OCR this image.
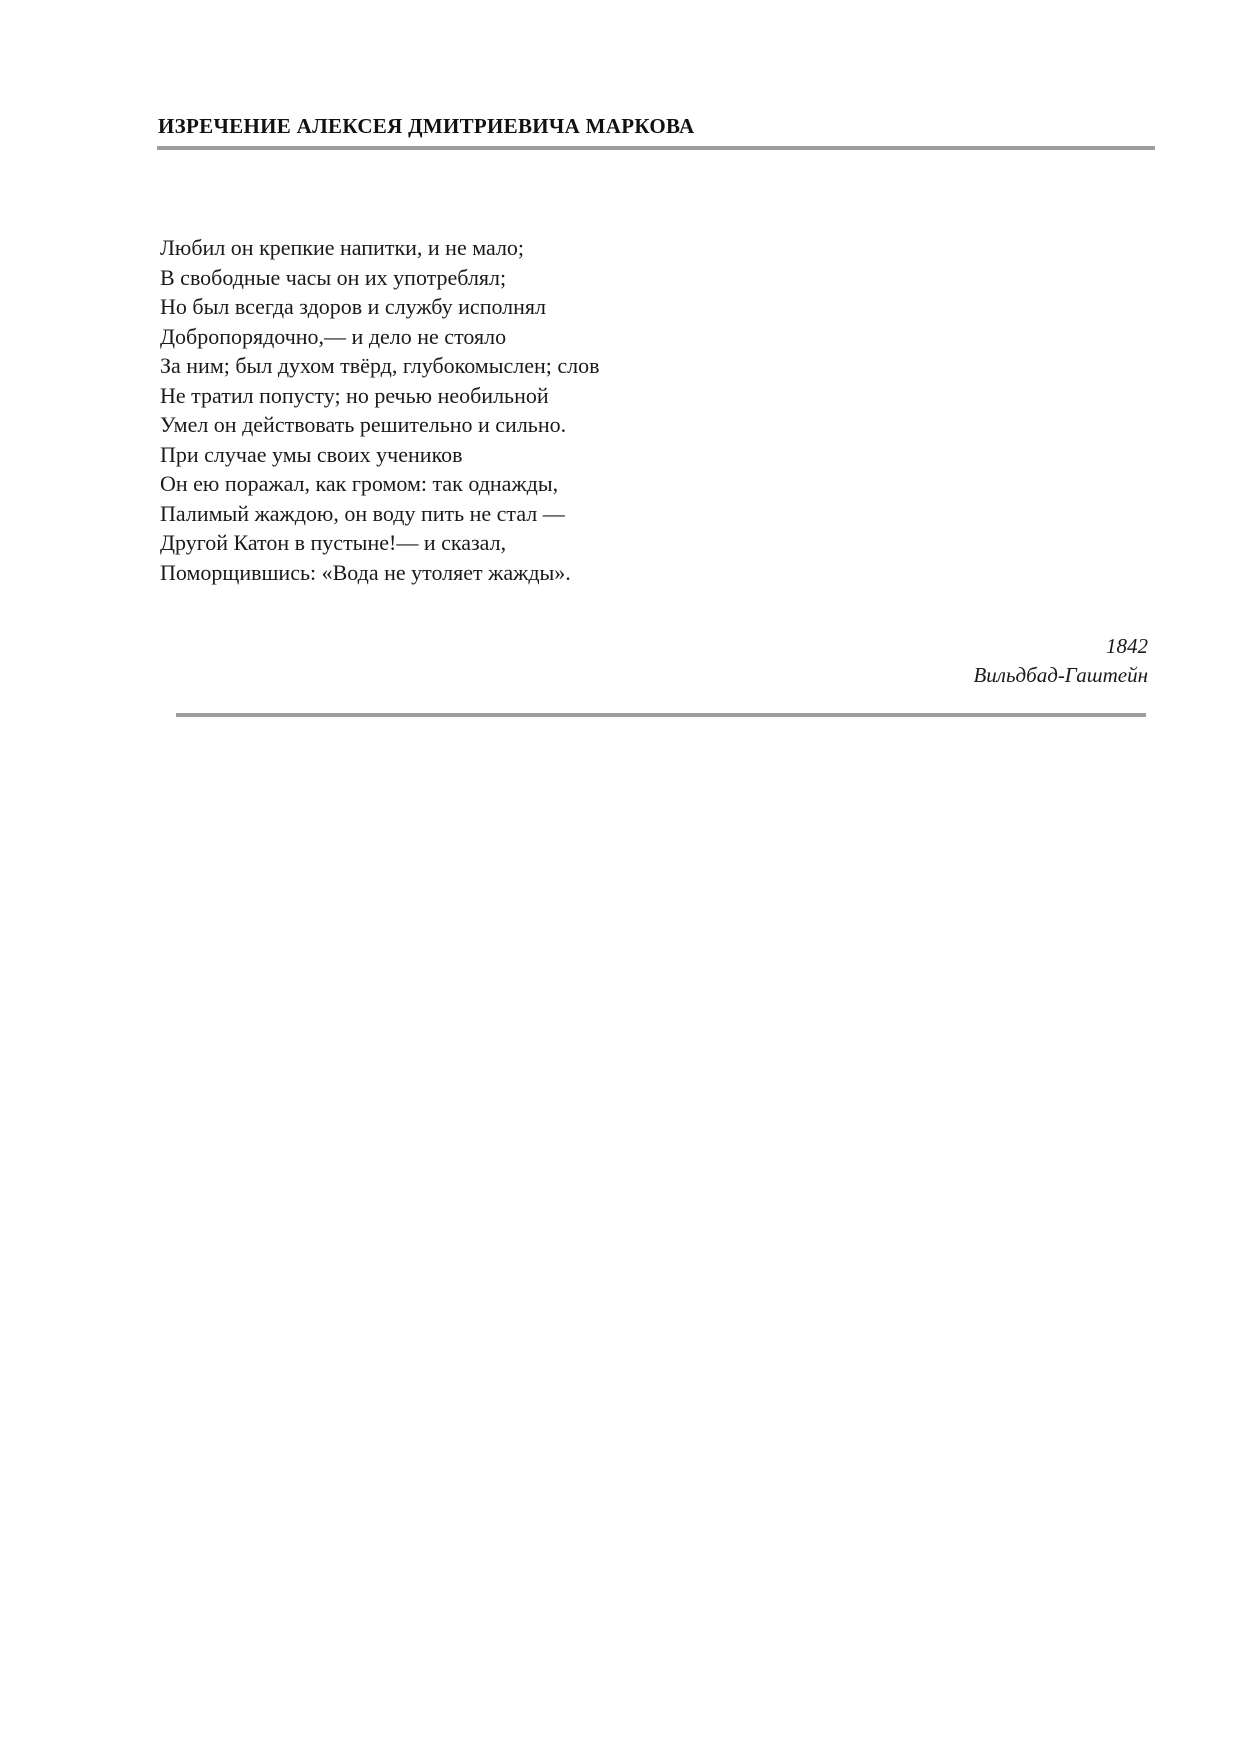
ИЗРЕЧЕНИЕ АЛЕКСЕЯ ДМИТРИЕВИЧА МАРКОВА
Любил он крепкие напитки, и не мало;
В свободные часы он их употреблял;
Но был всегда здоров и службу исполнял
Добропорядочно,— и дело не стояло
За ним; был духом твёрд, глубокомыслен; слов
Не тратил попусту; но речью необильной
Умел он действовать решительно и сильно.
При случае умы своих учеников
Он ею поражал, как громом: так однажды,
Палимый жаждою, он воду пить не стал —
Другой Катон в пустыне!— и сказал,
Поморщившись: «Вода не утоляет жажды».
1842
Вильдбад-Гаштейн
